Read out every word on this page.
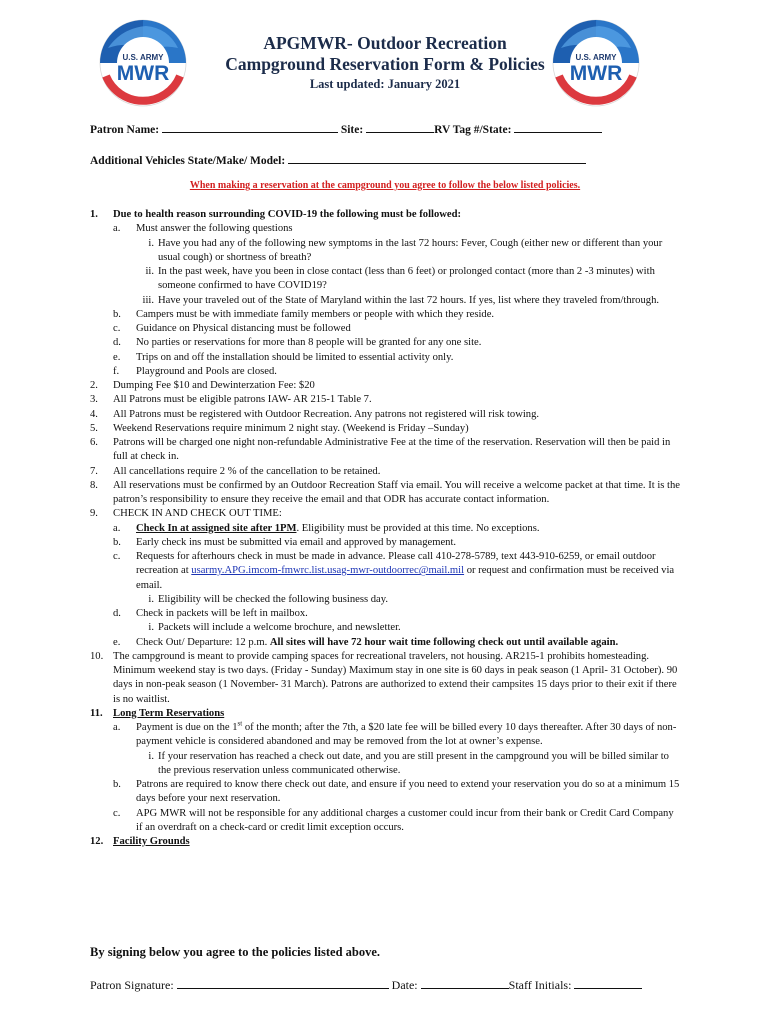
U.S. ARMY
MWR
U.S. ARMY
MWR
APGMWR- Outdoor Recreation
Campground Reservation Form & Policies
Last updated: January 2021
Patron Name:	Site:	RV Tag #/State:
Additional Vehicles State/Make/ Model:
When making a reservation at the campground you agree to follow the below listed policies.
1.	Due to health reason surrounding COVID-19 the following must be followed:
a.	Must answer the following questions
i. Have you had any of the following new symptoms in the last 72 hours: Fever, Cough (either new or different than your usual cough) or shortness of breath?
ii. In the past week, have you been in close contact (less than 6 feet) or prolonged contact (more than 2 -3 minutes) with someone confirmed to have COVID19?
iii. Have your traveled out of the State of Maryland within the last 72 hours. If yes, list where they traveled from/through.
b.	Campers must be with immediate family members or people with which they reside.
c.	Guidance on Physical distancing must be followed
d.	No parties or reservations for more than 8 people will be granted for any one site.
e.	Trips on and off the installation should be limited to essential activity only.
f.	Playground and Pools are closed.
2.	Dumping Fee $10 and Dewinterzation Fee: $20
3.	All Patrons must be eligible patrons IAW- AR 215-1 Table 7.
4.	All Patrons must be registered with Outdoor Recreation. Any patrons not registered will risk towing.
5.	Weekend Reservations require minimum 2 night stay. (Weekend is Friday –Sunday)
6.	Patrons will be charged one night non-refundable Administrative Fee at the time of the reservation. Reservation will then be paid in full at check in.
7.	All cancellations require 2 % of the cancellation to be retained.
8.	All reservations must be confirmed by an Outdoor Recreation Staff via email. You will receive a welcome packet at that time. It is the patron’s responsibility to ensure they receive the email and that ODR has accurate contact information.
9.	CHECK IN AND CHECK OUT TIME:
a.	Check In at assigned site after 1PM. Eligibility must be provided at this time. No exceptions.
b.	Early check ins must be submitted via email and approved by management.
c.	Requests for afterhours check in must be made in advance. Please call 410-278-5789, text 443-910-6259, or email outdoor recreation at usarmy.APG.imcom-fmwrc.list.usag-mwr-outdoorrec@mail.mil or request and confirmation must be received via email.
i. Eligibility will be checked the following business day.
d.	Check in packets will be left in mailbox.
i. Packets will include a welcome brochure, and newsletter.
e.	Check Out/ Departure: 12 p.m. All sites will have 72 hour wait time following check out until available again.
10. The campground is meant to provide camping spaces for recreational travelers, not housing. AR215-1 prohibits homesteading. Minimum weekend stay is two days. (Friday - Sunday) Maximum stay in one site is 60 days in peak season (1 April- 31 October). 90 days in non-peak season (1 November- 31 March). Patrons are authorized to extend their campsites 15 days prior to their exit if there is no waitlist.
11. Long Term Reservations
a.	Payment is due on the 1st of the month; after the 7th, a $20 late fee will be billed every 10 days thereafter. After 30 days of non-payment vehicle is considered abandoned and may be removed from the lot at owner’s expense.
i. If your reservation has reached a check out date, and you are still present in the campground you will be billed similar to the previous reservation unless communicated otherwise.
b.	Patrons are required to know there check out date, and ensure if you need to extend your reservation you do so at a minimum 15 days before your next reservation.
c.	APG MWR will not be responsible for any additional charges a customer could incur from their bank or Credit Card Company if an overdraft on a check-card or credit limit exception occurs.
12. Facility Grounds
By signing below you agree to the policies listed above.
Patron Signature:	Date:	Staff Initials:
